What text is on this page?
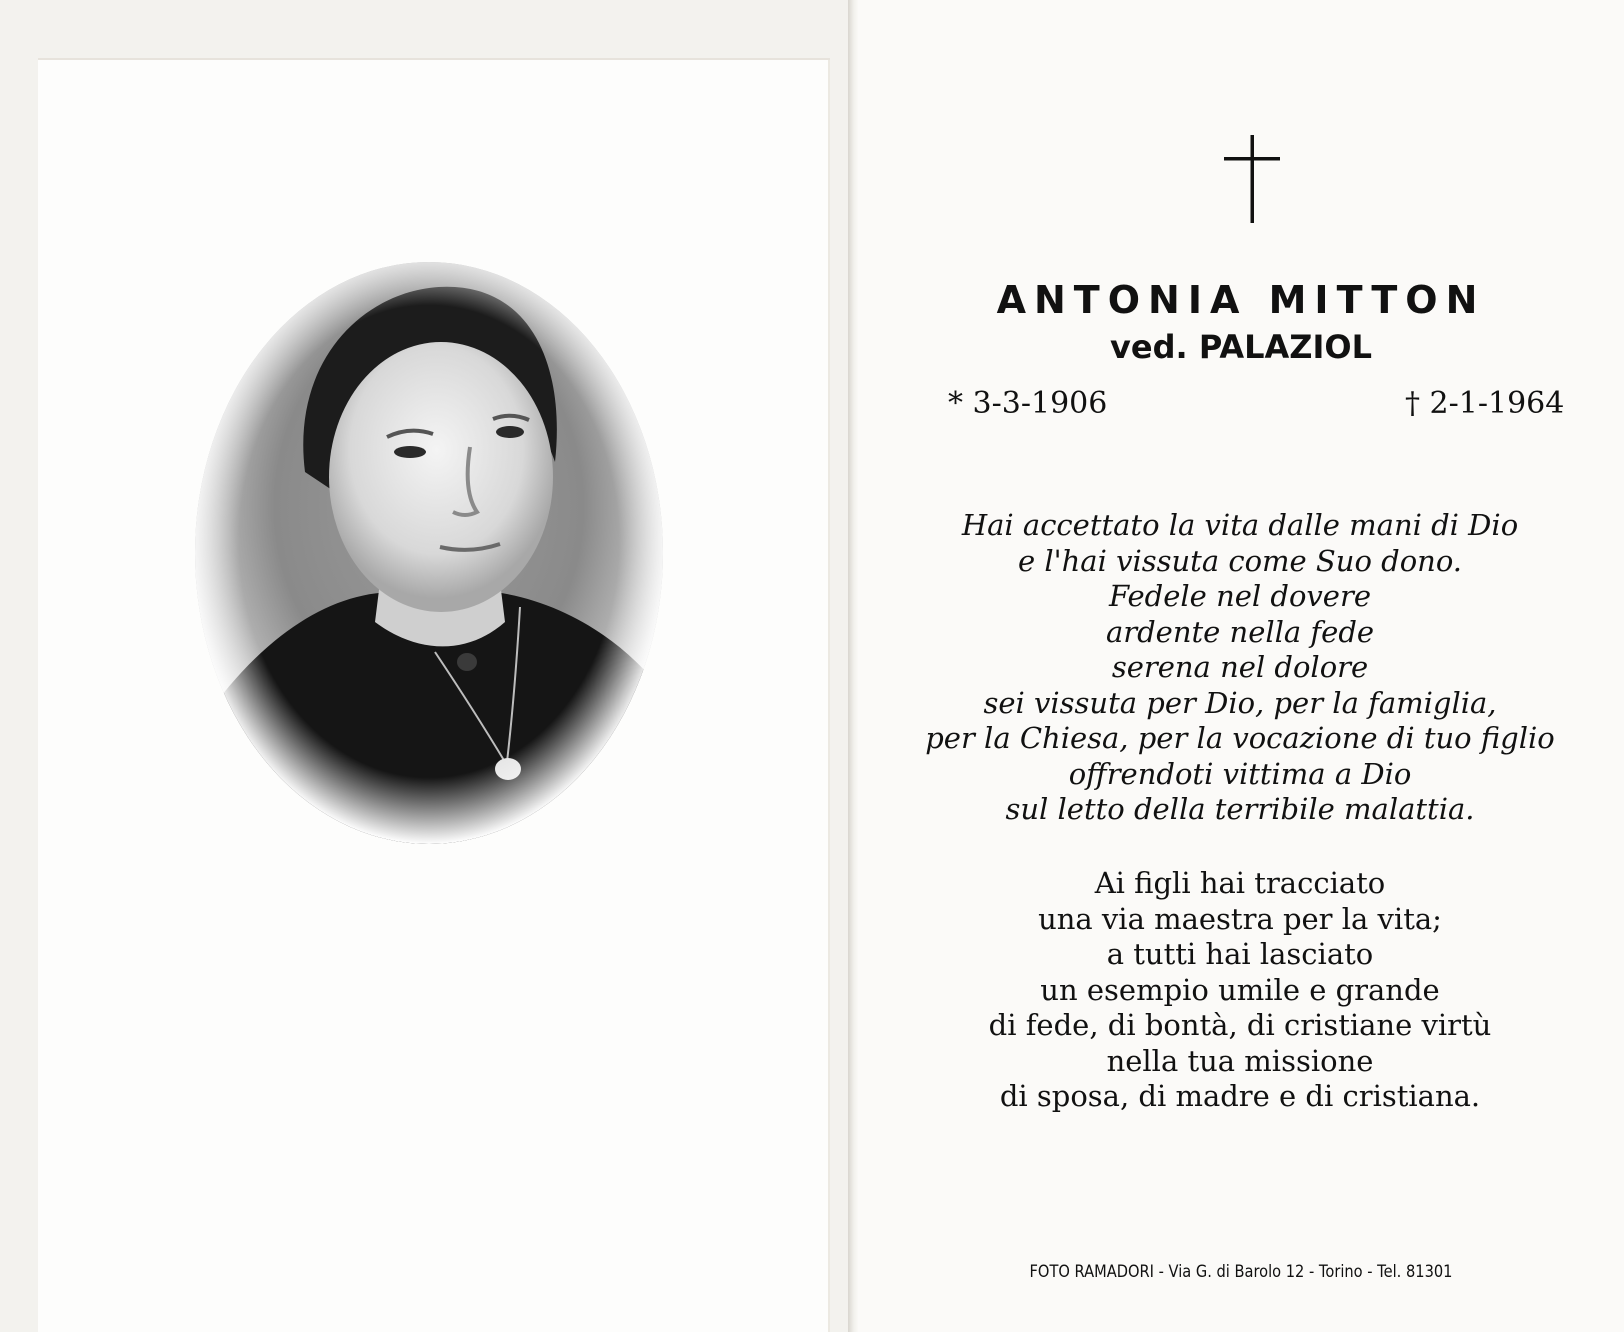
ANTONIA MITTON
ved. PALAZIOL
* 3-3-1906	† 2-1-1964
Hai accettato la vita dalle mani di Dio
e l'hai vissuta come Suo dono.
Fedele nel dovere
ardente nella fede
serena nel dolore
sei vissuta per Dio, per la famiglia,
per la Chiesa, per la vocazione di tuo figlio
offrendoti vittima a Dio
sul letto della terribile malattia.
Ai figli hai tracciato
una via maestra per la vita;
a tutti hai lasciato
un esempio umile e grande
di fede, di bontà, di cristiane virtù
nella tua missione
di sposa, di madre e di cristiana.
FOTO RAMADORI - Via G. di Barolo 12 - Torino - Tel. 81301
